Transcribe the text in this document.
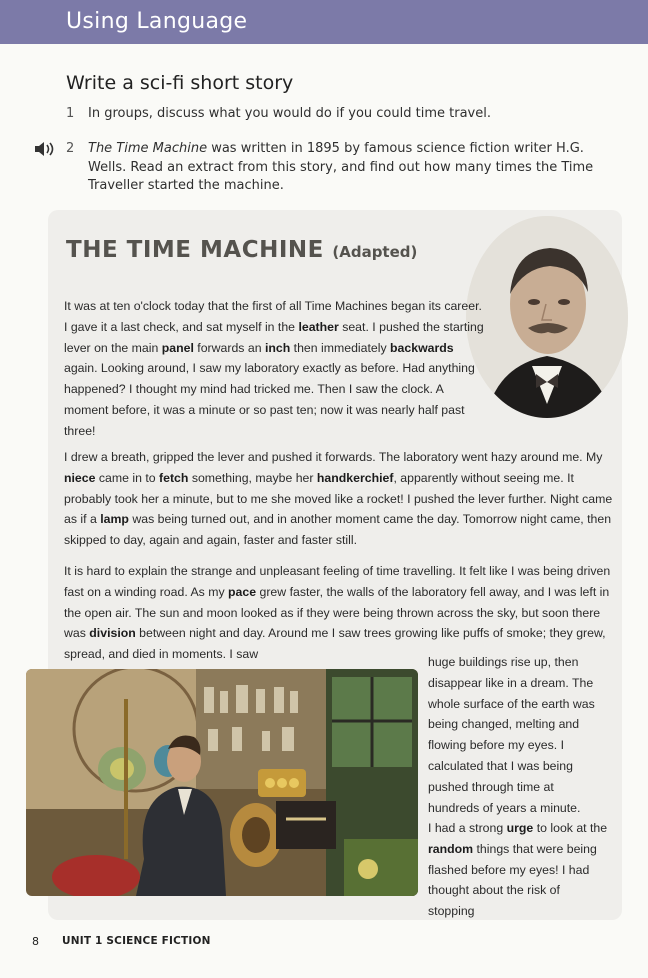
Using Language
Write a sci-fi short story
1 In groups, discuss what you would do if you could time travel.
2 The Time Machine was written in 1895 by famous science fiction writer H.G. Wells. Read an extract from this story, and find out how many times the Time Traveller started the machine.
THE TIME MACHINE (Adapted)

It was at ten o'clock today that the first of all Time Machines began its career. I gave it a last check, and sat myself in the leather seat. I pushed the starting lever on the main panel forwards an inch then immediately backwards again. Looking around, I saw my laboratory exactly as before. Had anything happened? I thought my mind had tricked me. Then I saw the clock. A moment before, it was a minute or so past ten; now it was nearly half past three!

I drew a breath, gripped the lever and pushed it forwards. The laboratory went hazy around me. My niece came in to fetch something, maybe her handkerchief, apparently without seeing me. It probably took her a minute, but to me she moved like a rocket! I pushed the lever further. Night came as if a lamp was being turned out, and in another moment came the day. Tomorrow night came, then skipped to day, again and again, faster and faster still.

It is hard to explain the strange and unpleasant feeling of time travelling. It felt like I was being driven fast on a winding road. As my pace grew faster, the walls of the laboratory fell away, and I was left in the open air. The sun and moon looked as if they were being thrown across the sky, but soon there was division between night and day. Around me I saw trees growing like puffs of smoke; they grew, spread, and died in moments. I saw

huge buildings rise up, then disappear like in a dream. The whole surface of the earth was being changed, melting and flowing before my eyes. I calculated that I was being pushed through time at hundreds of years a minute.

I had a strong urge to look at the random things that were being flashed before my eyes! I had thought about the risk of stopping

8 UNIT 1 SCIENCE FICTION
